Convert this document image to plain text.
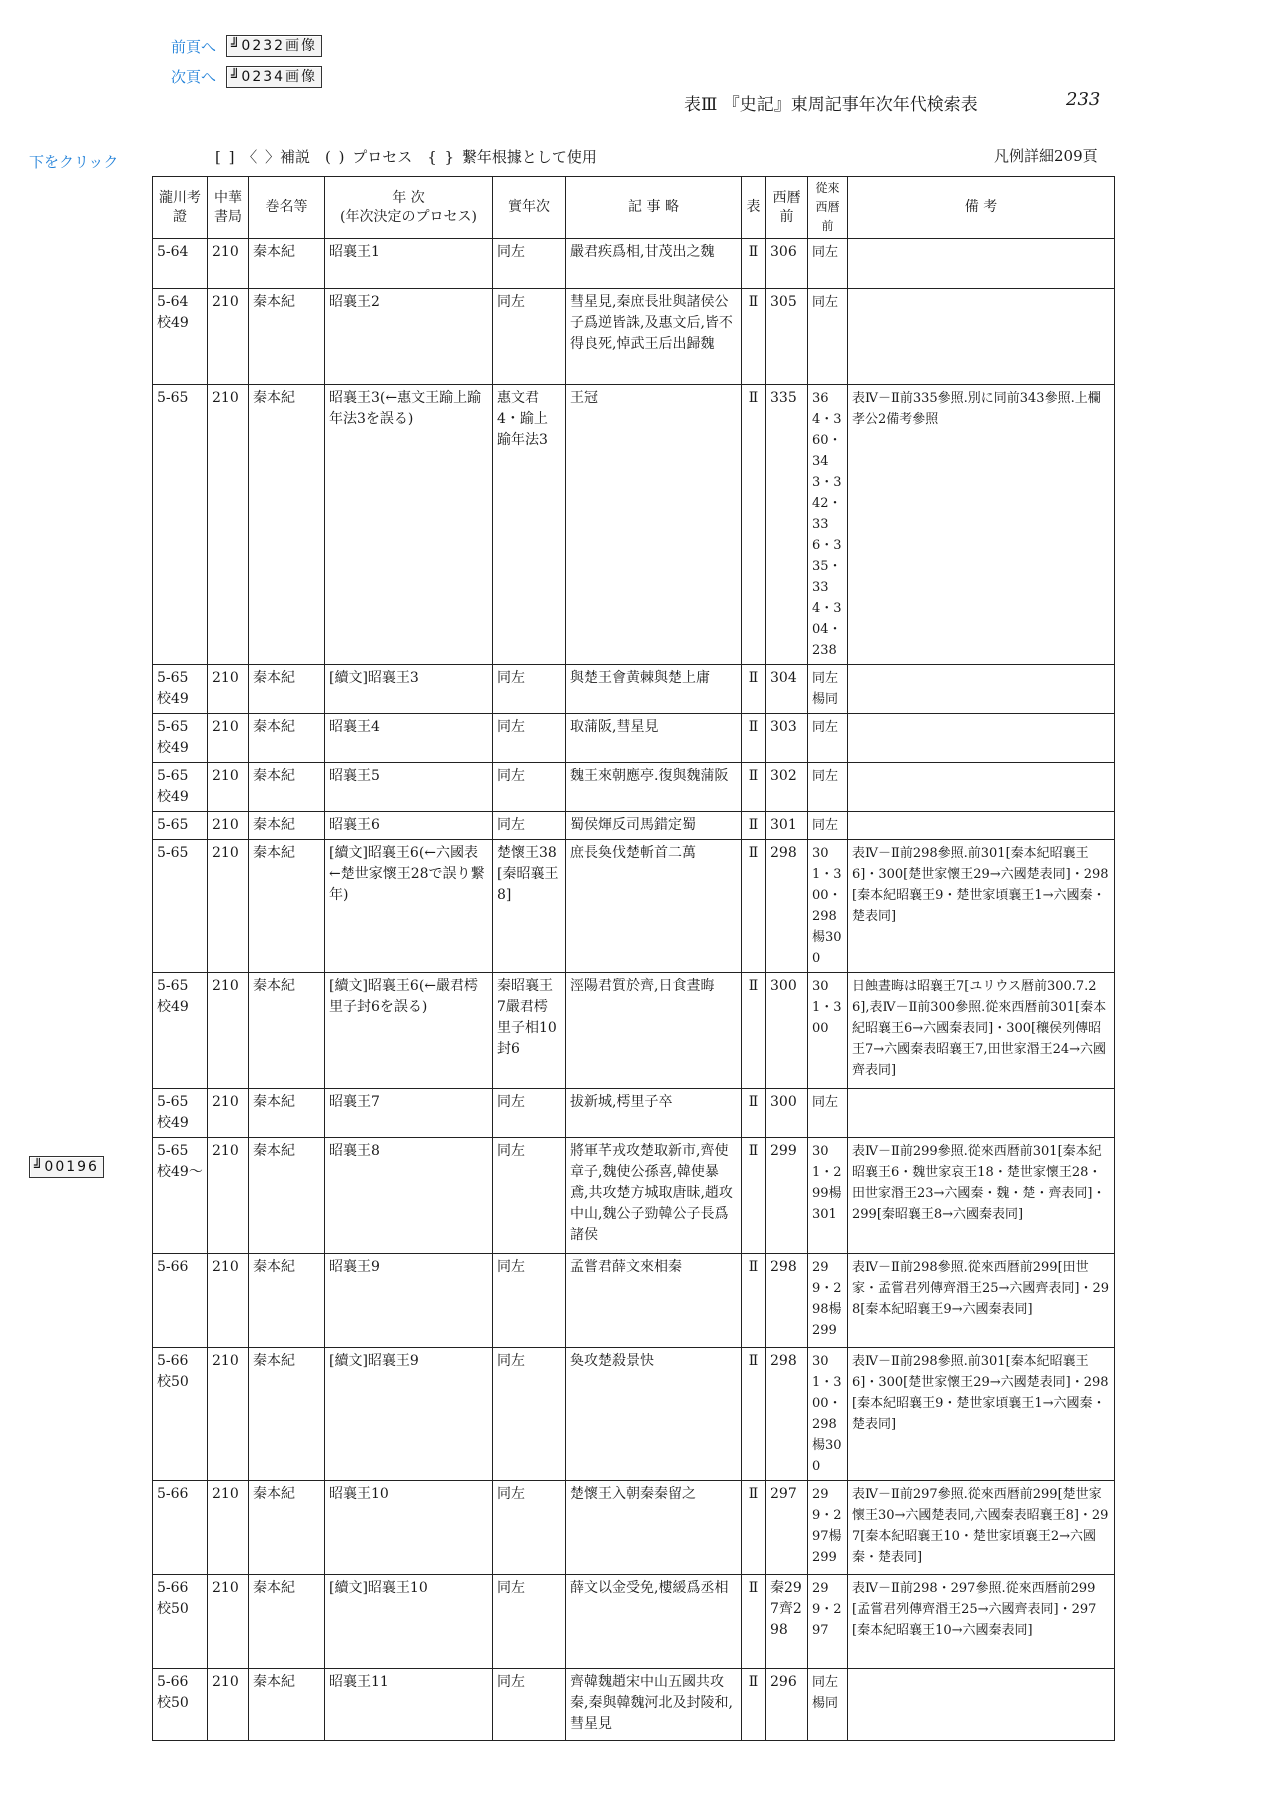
前頁へ	╝0232画像
次頁へ	╝0234画像
下をクリック
表Ⅲ 『史記』東周記事年次年代検索表	233
[ ] 〈 〉補説　( ) プロセス　{ } 繋年根據として使用	凡例詳細209頁
╝00196
瀧川考證	中華書局	巻名等	年 次
(年次決定のプロセス)	實年次	記 事 略	表	西暦前	從來西暦前	備 考
5-64	210	秦本紀	昭襄王1	同左	嚴君疾爲相,甘茂出之魏	Ⅱ	306	同左	
5-64
校49	210	秦本紀	昭襄王2	同左	彗星見,秦庶長壯與諸侯公子爲逆皆誅,及惠文后,皆不得良死,悼武王后出歸魏	Ⅱ	305	同左	
5-65	210	秦本紀	昭襄王3(←惠文王踰上踰年法3を誤る)	惠文君4・踰上踰年法3	王冠	Ⅱ	335	364・360・343・342・336・335・334・304・238	表Ⅳ－Ⅱ前335參照.別に同前343參照.上欄孝公2備考參照
5-65
校49	210	秦本紀	[續文]昭襄王3	同左	與楚王會黄棘與楚上庸	Ⅱ	304	同左楊同	
5-65
校49	210	秦本紀	昭襄王4	同左	取蒲阪,彗星見	Ⅱ	303	同左	
5-65
校49	210	秦本紀	昭襄王5	同左	魏王來朝應亭.復與魏蒲阪	Ⅱ	302	同左	
5-65	210	秦本紀	昭襄王6	同左	蜀侯煇反司馬錯定蜀	Ⅱ	301	同左	
5-65	210	秦本紀	[續文]昭襄王6(←六國表←楚世家懷王28で誤り繋年)	楚懷王38[秦昭襄王8]	庶長奐伐楚斬首二萬	Ⅱ	298	301・300・298楊300	表Ⅳ－Ⅱ前298參照.前301[秦本紀昭襄王6]・300[楚世家懷王29→六國楚表同]・298[秦本紀昭襄王9・楚世家頃襄王1→六國秦・楚表同]
5-65
校49	210	秦本紀	[續文]昭襄王6(←嚴君樗里子封6を誤る)	秦昭襄王7嚴君樗里子相10封6	涇陽君質於齊,日食晝晦	Ⅱ	300	301・300	日蝕晝晦は昭襄王7[ユリウス暦前300.7.26],表Ⅳ－Ⅱ前300參照.從來西暦前301[秦本紀昭襄王6→六國秦表同]・300[穰侯列傳昭王7→六國秦表昭襄王7,田世家湣王24→六國齊表同]
5-65
校49	210	秦本紀	昭襄王7	同左	拔新城,樗里子卒	Ⅱ	300	同左	
5-65
校49～	210	秦本紀	昭襄王8	同左	將軍芊戎攻楚取新市,齊使章子,魏使公孫喜,韓使暴鳶,共攻楚方城取唐昧,趙攻中山,魏公子勁韓公子長爲諸侯	Ⅱ	299	301・299楊301	表Ⅳ－Ⅱ前299參照.從來西暦前301[秦本紀昭襄王6・魏世家哀王18・楚世家懷王28・田世家湣王23→六國秦・魏・楚・齊表同]・299[秦昭襄王8→六國秦表同]
5-66	210	秦本紀	昭襄王9	同左	孟嘗君薛文來相秦	Ⅱ	298	299・298楊299	表Ⅳ－Ⅱ前298參照.從來西暦前299[田世家・孟嘗君列傳齊湣王25→六國齊表同]・298[秦本紀昭襄王9→六國秦表同]
5-66
校50	210	秦本紀	[續文]昭襄王9	同左	奐攻楚殺景快	Ⅱ	298	301・300・298楊300	表Ⅳ－Ⅱ前298參照.前301[秦本紀昭襄王6]・300[楚世家懷王29→六國楚表同]・298[秦本紀昭襄王9・楚世家頃襄王1→六國秦・楚表同]
5-66	210	秦本紀	昭襄王10	同左	楚懷王入朝秦秦留之	Ⅱ	297	299・297楊299	表Ⅳ－Ⅱ前297參照.從來西暦前299[楚世家懷王30→六國楚表同,六國秦表昭襄王8]・297[秦本紀昭襄王10・楚世家頃襄王2→六國秦・楚表同]
5-66
校50	210	秦本紀	[續文]昭襄王10	同左	薛文以金受免,樓緩爲丞相	Ⅱ	秦297齊298	299・297	表Ⅳ－Ⅱ前298・297參照.從來西暦前299[孟嘗君列傳齊湣王25→六國齊表同]・297[秦本紀昭襄王10→六國秦表同]
5-66
校50	210	秦本紀	昭襄王11	同左	齊韓魏趙宋中山五國共攻秦,秦與韓魏河北及封陵和,彗星見	Ⅱ	296	同左楊同	
